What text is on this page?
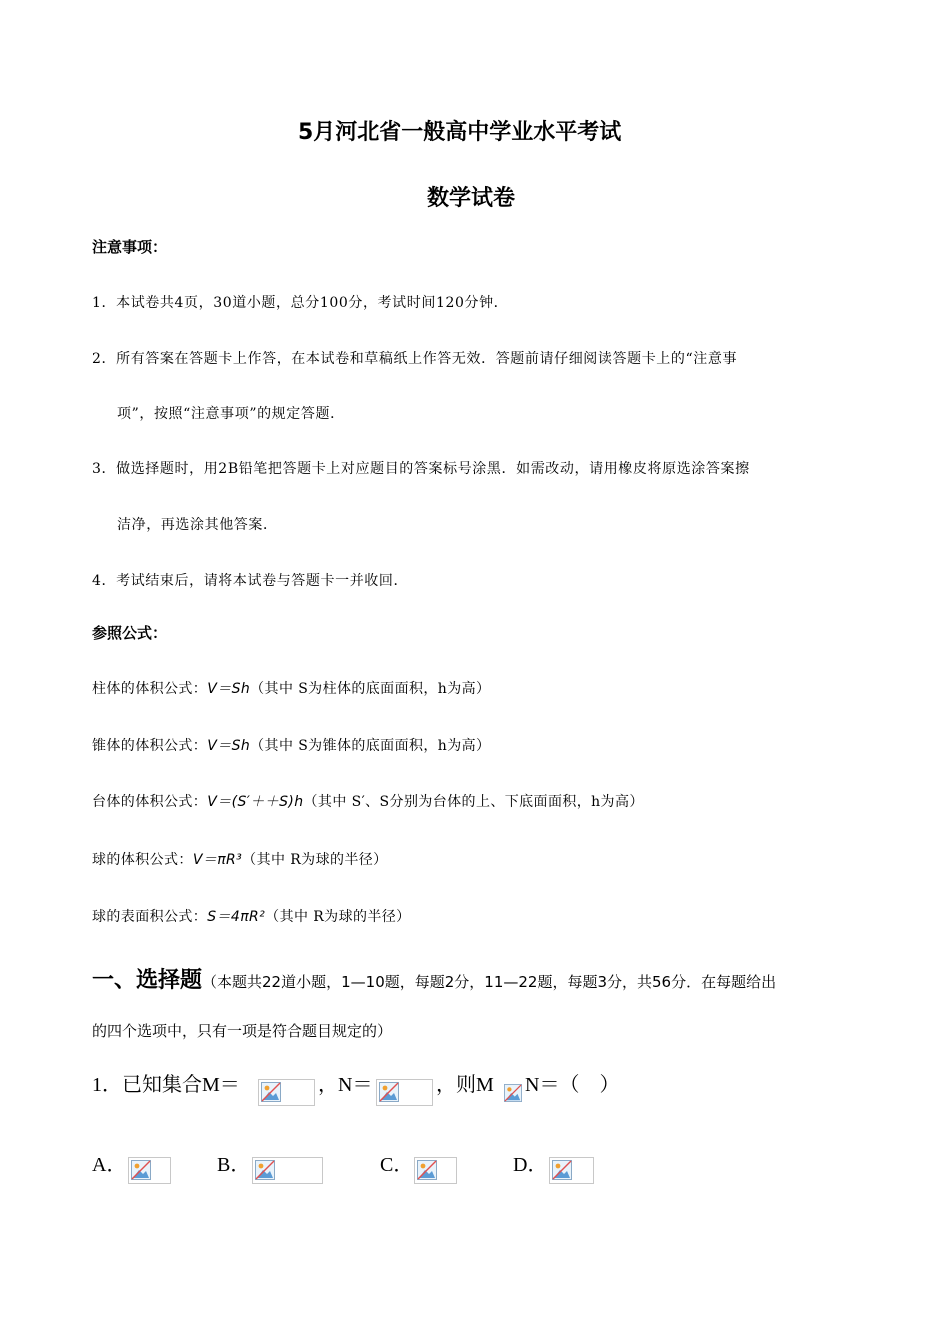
5月河北省一般高中学业水平考试
数学试卷
注意事项：
1．本试卷共4页，30道小题，总分100分，考试时间120分钟．
2．所有答案在答题卡上作答，在本试卷和草稿纸上作答无效．答题前请仔细阅读答题卡上的“注意事
项”，按照“注意事项”的规定答题．
3．做选择题时，用2B铅笔把答题卡上对应题目的答案标号涂黑．如需改动，请用橡皮将原选涂答案擦
洁净，再选涂其他答案．
4．考试结束后，请将本试卷与答题卡一并收回．
参照公式：
柱体的体积公式：V＝Sh（其中 S为柱体的底面面积，h为高）
锥体的体积公式：V＝Sh（其中 S为锥体的底面面积，h为高）
台体的体积公式：V＝(S′＋＋S)h（其中 S′、S分别为台体的上、下底面面积，h为高）
球的体积公式：V＝πR³（其中 R为球的半径）
球的表面积公式：S＝4πR²（其中 R为球的半径）
一、选择题（本题共22道小题，1—10题，每题2分，11—22题，每题3分，共56分．在每题给出
的四个选项中，只有一项是符合题目规定的）
1．已知集合M＝	，N＝	，则M N＝（　）
A．	B．	C．	D．
